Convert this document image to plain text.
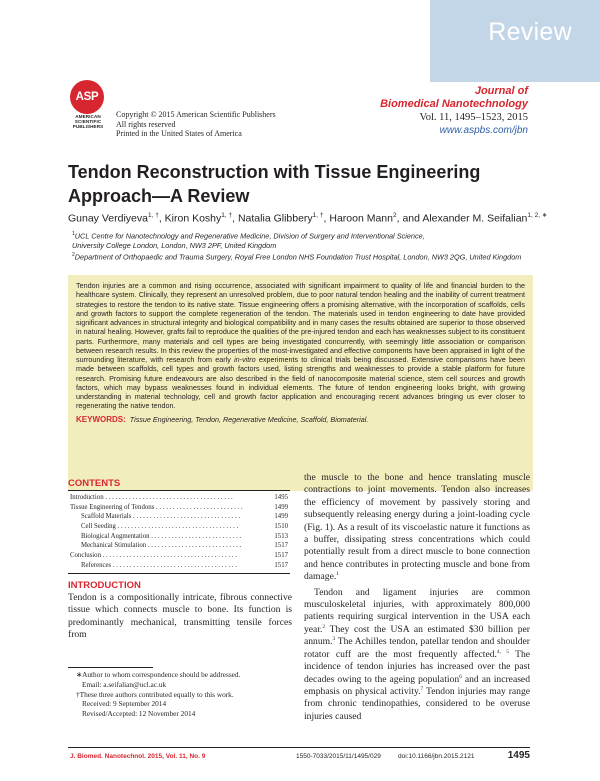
Review
Journal of
Biomedical Nanotechnology
Vol. 11, 1495–1523, 2015
www.aspbs.com/jbn
ASP
AMERICAN
SCIENTIFIC
PUBLISHERS
Copyright © 2015 American Scientific Publishers
All rights reserved
Printed in the United States of America
Tendon Reconstruction with Tissue Engineering
Approach—A Review
Gunay Verdiyeva$^{1, \dagger}$, Kiron Koshy$^{1, \dagger}$, Natalia Glibbery$^{1, \dagger}$, Haroon Mann$^2$, and Alexander M. Seifalian$^{1, 2, ∗}$
$^1$UCL Centre for Nanotechnology and Regenerative Medicine, Division of Surgery and Interventional Science,
University College London, London, NW3 2PF, United Kingdom
$^2$Department of Orthopaedic and Trauma Surgery, Royal Free London NHS Foundation Trust Hospital, London, NW3 2QG, United Kingdom
Tendon injuries are a common and rising occurrence, associated with significant impairment to quality of life and financial burden to the healthcare system. Clinically, they represent an unresolved problem, due to poor natural tendon healing and the inability of current treatment strategies to restore the tendon to its native state. Tissue engineering offers a promising alternative, with the incorporation of scaffolds, cells and growth factors to support the complete regeneration of the tendon. The materials used in tendon engineering to date have provided significant advances in structural integrity and biological compatibility and in many cases the results obtained are superior to those observed in natural healing. However, grafts fail to reproduce the qualities of the pre-injured tendon and each has weaknesses subject to its constituent parts. Furthermore, many materials and cell types are being investigated concurrently, with seemingly little association or comparison between research results. In this review the properties of the most-investigated and effective components have been appraised in light of the surrounding literature, with research from early in-vitro experiments to clinical trials being discussed. Extensive comparisons have been made between scaffolds, cell types and growth factors used, listing strengths and weaknesses to provide a stable platform for future research. Promising future endeavours are also described in the field of nanocomposite material science, stem cell sources and growth factors, which may bypass weaknesses found in individual elements. The future of tendon engineering looks bright, with growing understanding in material technology, cell and growth factor application and encouraging recent advances bringing us ever closer to regenerating the native tendon.
KEYWORDS: Tissue Engineering, Tendon, Regenerative Medicine, Scaffold, Biomaterial.
CONTENTS
Introduction . . . . . . . . . . . . . . . . . . . . . . . . . . . . . . . . . . . . . .	1495
Tissue Engineering of Tendons . . . . . . . . . . . . . . . . . . . . . . . . . .	1499
Scaffold Materials . . . . . . . . . . . . . . . . . . . . . . . . . . . . . . . .	1499
Cell Seeding . . . . . . . . . . . . . . . . . . . . . . . . . . . . . . . . . . . .	1510
Biological Augmentation . . . . . . . . . . . . . . . . . . . . . . . . . . .	1513
Mechanical Stimulation . . . . . . . . . . . . . . . . . . . . . . . . . . . .	1517
Conclusion . . . . . . . . . . . . . . . . . . . . . . . . . . . . . . . . . . . . . . . .	1517
References . . . . . . . . . . . . . . . . . . . . . . . . . . . . . . . . . . . . .	1517
INTRODUCTION
Tendon is a compositionally intricate, fibrous connective tissue which connects muscle to bone. Its function is predominantly mechanical, transmitting tensile forces from
∗Author to whom correspondence should be addressed.
Email: a.seifalian@ucl.ac.uk
†These three authors contributed equally to this work.
Received: 9 September 2014
Revised/Accepted: 12 November 2014

the muscle to the bone and hence translating muscle contractions to joint movements. Tendon also increases the efficiency of movement by passively storing and subsequently releasing energy during a joint-loading cycle (Fig. 1). As a result of its viscoelastic nature it functions as a buffer, dissipating stress concentrations which could potentially result from a direct muscle to bone connection and hence contributes in protecting muscle and bone from damage.$^1$

Tendon and ligament injuries are common musculoskeletal injuries, with approximately 800,000 patients requiring surgical intervention in the USA each year.$^2$ They cost the USA an estimated $30 billion per annum.$^3$ The Achilles tendon, patellar tendon and shoulder rotator cuff are the most frequently affected.$^{4, 5}$ The incidence of tendon injuries has increased over the past decades owing to the ageing population$^6$ and an increased emphasis on physical activity.$^7$ Tendon injuries may range from chronic tendinopathies, considered to be overuse injuries caused

J. Biomed. Nanotechnol. 2015, Vol. 11, No. 9	1550-7033/2015/11/1495/029	doi:10.1166/jbn.2015.2121	1495
